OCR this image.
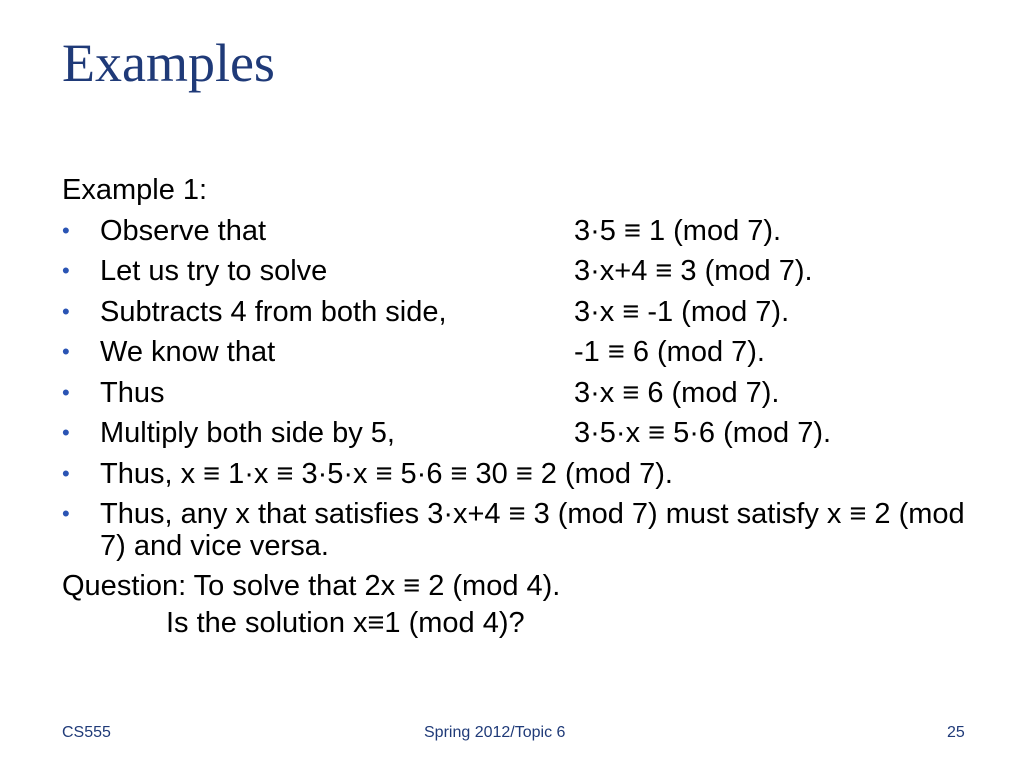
Examples
Example 1:
• Observe that	3·5 ≡ 1 (mod 7).
• Let us try to solve	3·x+4 ≡ 3 (mod 7).
• Subtracts 4 from both side,	3·x ≡ -1 (mod 7).
• We know that	-1 ≡ 6 (mod 7).
• Thus	3·x ≡ 6 (mod 7).
• Multiply both side by 5,	3·5·x ≡ 5·6 (mod 7).
• Thus, x ≡ 1·x ≡ 3·5·x ≡ 5·6 ≡ 30 ≡ 2 (mod 7).
• Thus, any x that satisfies 3·x+4 ≡ 3 (mod 7) must satisfy x ≡ 2 (mod 7) and vice versa.
Question: To solve that 2x ≡ 2 (mod 4).
Is the solution x≡1 (mod 4)?
CS555	Spring 2012/Topic 6	25
